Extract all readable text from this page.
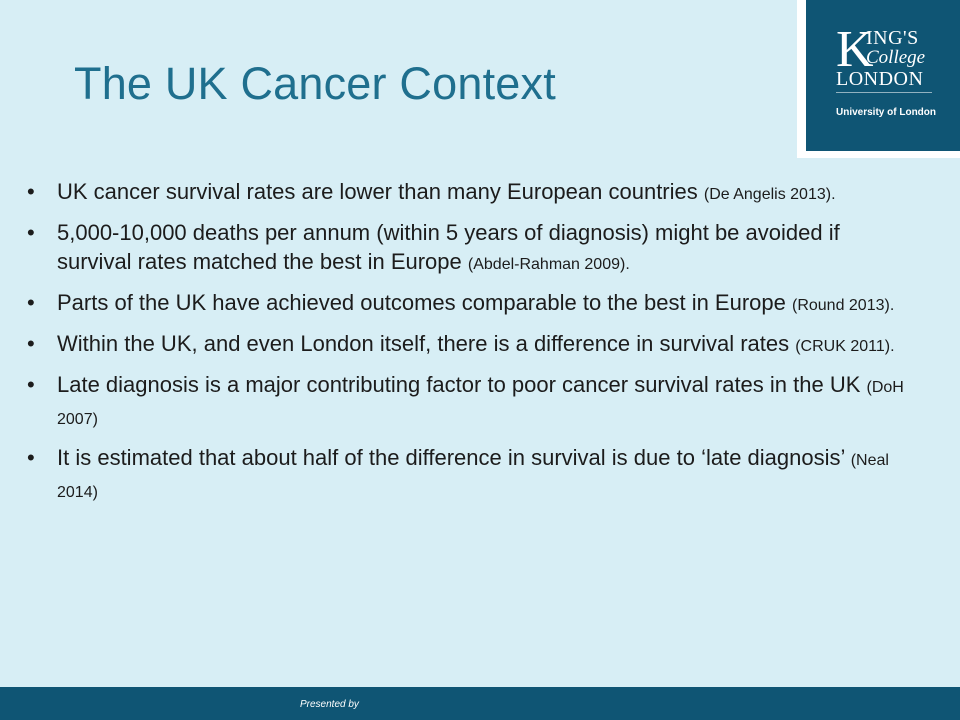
The UK Cancer Context
K
ING'S
College
LONDON
University of London
• UK cancer survival rates are lower than many European countries (De Angelis 2013).
• 5,000-10,000 deaths per annum (within 5 years of diagnosis) might be avoided if survival rates matched the best in Europe (Abdel-Rahman 2009).
• Parts of the UK have achieved outcomes comparable to the best in Europe (Round 2013).
• Within the UK, and even London itself, there is a difference in survival rates (CRUK 2011).
• Late diagnosis is a major contributing factor to poor cancer survival rates in the UK (DoH 2007)
• It is estimated that about half of the difference in survival is due to ‘late diagnosis’ (Neal 2014)
Presented by
